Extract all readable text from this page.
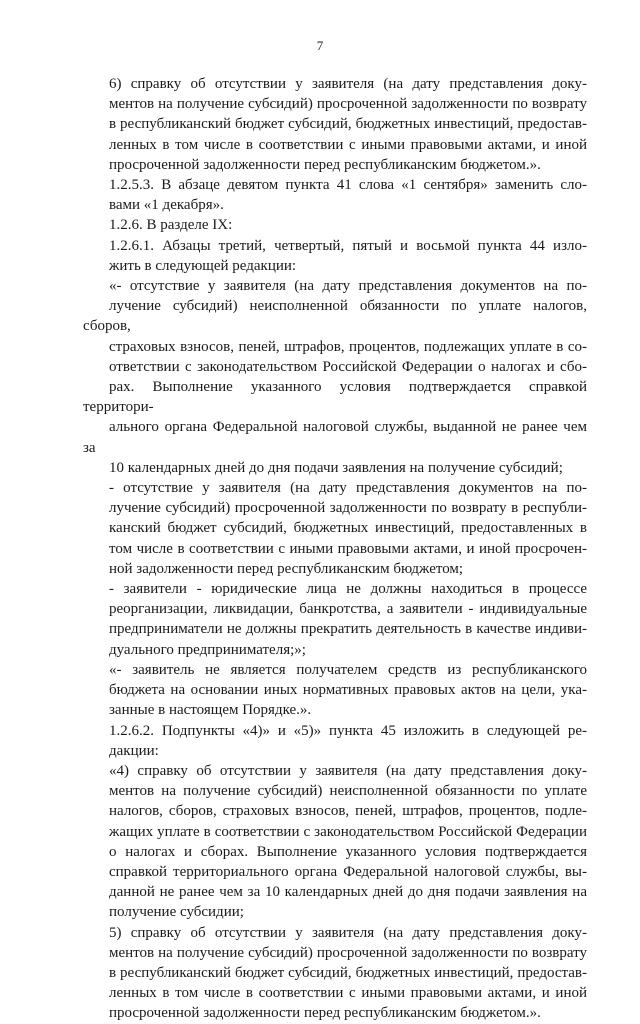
7

6) справку об отсутствии у заявителя (на дату представления доку-
ментов на получение субсидий) просроченной задолженности по возврату
в республиканский бюджет субсидий, бюджетных инвестиций, предостав-
ленных в том числе в соответствии с иными правовыми актами, и иной
просроченной задолженности перед республиканским бюджетом.».

1.2.5.3. В абзаце девятом пункта 41 слова «1 сентября» заменить сло-
вами «1 декабря».

1.2.6. В разделе IX:

1.2.6.1. Абзацы третий, четвертый, пятый и восьмой пункта 44 изло-
жить в следующей редакции:

«- отсутствие у заявителя (на дату представления документов на по-
лучение субсидий) неисполненной обязанности по уплате налогов, сборов,
страховых взносов, пеней, штрафов, процентов, подлежащих уплате в со-
ответствии с законодательством Российской Федерации о налогах и сбо-
рах. Выполнение указанного условия подтверждается справкой территори-
ального органа Федеральной налоговой службы, выданной не ранее чем за
10 календарных дней до дня подачи заявления на получение субсидий;

- отсутствие у заявителя (на дату представления документов на по-
лучение субсидий) просроченной задолженности по возврату в республи-
канский бюджет субсидий, бюджетных инвестиций, предоставленных в
том числе в соответствии с иными правовыми актами, и иной просрочен-
ной задолженности перед республиканским бюджетом;

- заявители - юридические лица не должны находиться в процессе
реорганизации, ликвидации, банкротства, а заявители - индивидуальные
предприниматели не должны прекратить деятельность в качестве индиви-
дуального предпринимателя;»;

«- заявитель не является получателем средств из республиканского
бюджета на основании иных нормативных правовых актов на цели, ука-
занные в настоящем Порядке.».

1.2.6.2. Подпункты «4)» и «5)» пункта 45 изложить в следующей ре-
дакции:

«4) справку об отсутствии у заявителя (на дату представления доку-
ментов на получение субсидий) неисполненной обязанности по уплате
налогов, сборов, страховых взносов, пеней, штрафов, процентов, подле-
жащих уплате в соответствии с законодательством Российской Федерации
о налогах и сборах. Выполнение указанного условия подтверждается
справкой территориального органа Федеральной налоговой службы, вы-
данной не ранее чем за 10 календарных дней до дня подачи заявления на
получение субсидии;

5) справку об отсутствии у заявителя (на дату представления доку-
ментов на получение субсидий) просроченной задолженности по возврату
в республиканский бюджет субсидий, бюджетных инвестиций, предостав-
ленных в том числе в соответствии с иными правовыми актами, и иной
просроченной задолженности перед республиканским бюджетом.».
